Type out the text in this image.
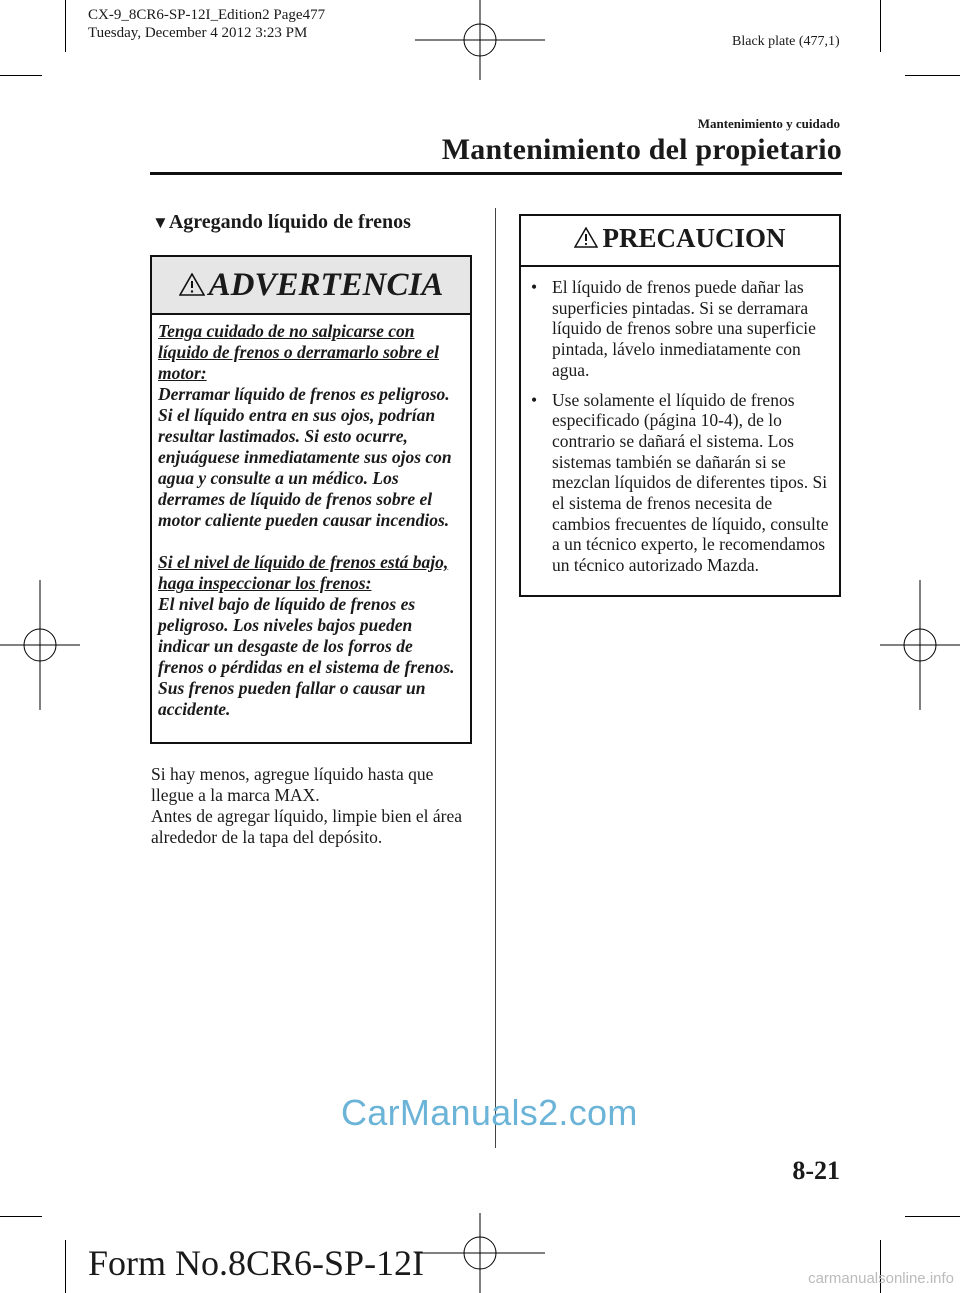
CX-9_8CR6-SP-12I_Edition2 Page477
Tuesday, December 4 2012 3:23 PM
Black plate (477,1)
Mantenimiento y cuidado
Mantenimiento del propietario
▼Agregando líquido de frenos
ADVERTENCIA

Tenga cuidado de no salpicarse con líquido de frenos o derramarlo sobre el motor:

Derramar líquido de frenos es peligroso. Si el líquido entra en sus ojos, podrían resultar lastimados. Si esto ocurre, enjuáguese inmediatamente sus ojos con agua y consulte a un médico. Los derrames de líquido de frenos sobre el motor caliente pueden causar incendios.

Si el nivel de líquido de frenos está bajo, haga inspeccionar los frenos:

El nivel bajo de líquido de frenos es peligroso. Los niveles bajos pueden indicar un desgaste de los forros de frenos o pérdidas en el sistema de frenos. Sus frenos pueden fallar o causar un accidente.

Si hay menos, agregue líquido hasta que llegue a la marca MAX.
Antes de agregar líquido, limpie bien el área alrededor de la tapa del depósito.
PRECAUCION
• El líquido de frenos puede dañar las superficies pintadas. Si se derramara líquido de frenos sobre una superficie pintada, lávelo inmediatamente con agua.
• Use solamente el líquido de frenos especificado (página 10-4), de lo contrario se dañará el sistema. Los sistemas también se dañarán si se mezclan líquidos de diferentes tipos. Si el sistema de frenos necesita de cambios frecuentes de líquido, consulte a un técnico experto, le recomendamos un técnico autorizado Mazda.
CarManuals2.com
8-21
Form No.8CR6-SP-12I	carmanualsonline.info
